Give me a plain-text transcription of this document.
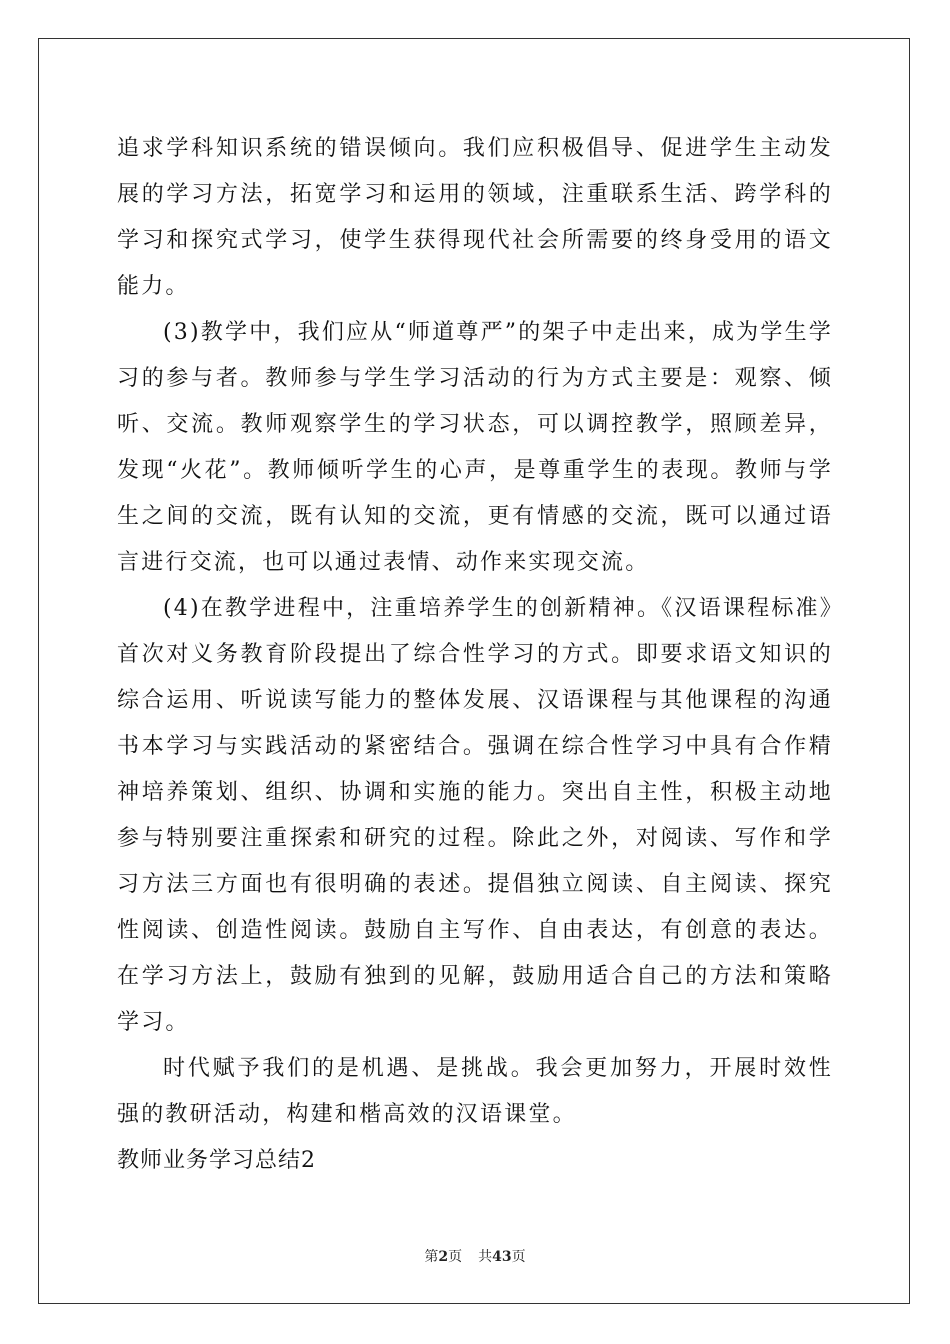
追求学科知识系统的错误倾向。我们应积极倡导、促进学生主动发展的学习方法，拓宽学习和运用的领域，注重联系生活、跨学科的学习和探究式学习，使学生获得现代社会所需要的终身受用的语文能力。

(3)教学中，我们应从“师道尊严”的架子中走出来，成为学生学习的参与者。教师参与学生学习活动的行为方式主要是：观察、倾听、交流。教师观察学生的学习状态，可以调控教学，照顾差异，发现“火花”。教师倾听学生的心声，是尊重学生的表现。教师与学生之间的交流，既有认知的交流，更有情感的交流，既可以通过语言进行交流，也可以通过表情、动作来实现交流。

(4)在教学进程中，注重培养学生的创新精神。《汉语课程标准》首次对义务教育阶段提出了综合性学习的方式。即要求语文知识的综合运用、听说读写能力的整体发展、汉语课程与其他课程的沟通书本学习与实践活动的紧密结合。强调在综合性学习中具有合作精神培养策划、组织、协调和实施的能力。突出自主性，积极主动地参与特别要注重探索和研究的过程。除此之外，对阅读、写作和学习方法三方面也有很明确的表述。提倡独立阅读、自主阅读、探究性阅读、创造性阅读。鼓励自主写作、自由表达，有创意的表达。在学习方法上，鼓励有独到的见解，鼓励用适合自己的方法和策略学习。

时代赋予我们的是机遇、是挑战。我会更加努力，开展时效性强的教研活动，构建和楷高效的汉语课堂。

教师业务学习总结2

第2页 共43页
